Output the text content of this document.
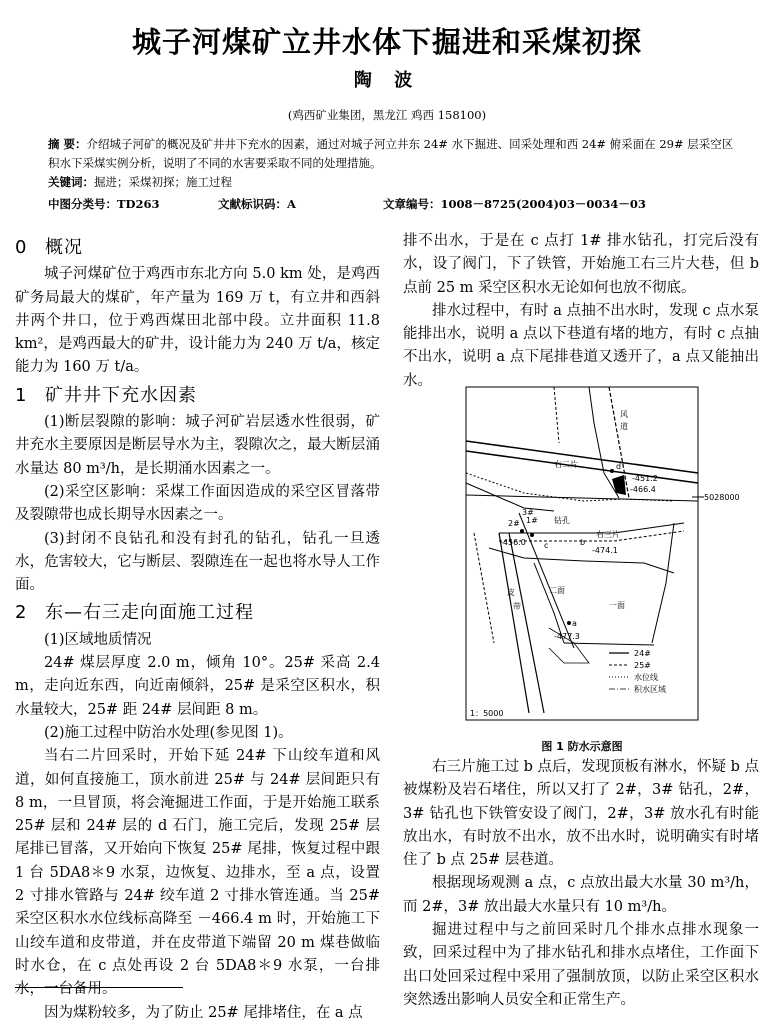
城子河煤矿立井水体下掘进和采煤初探
陶 波
(鸡西矿业集团，黑龙江 鸡西 158100)

摘 要：介绍城子河矿的概况及矿井井下充水的因素，通过对城子河立井东 24# 水下掘进、回采处理和西 24# 俯采面在 29# 层采空区积水下采煤实例分析，说明了不同的水害要采取不同的处理措施。

关键词：掘进；采煤初探；施工过程

中图分类号：TD263	文献标识码：A	文章编号：1008－8725(2004)03－0034－03
0 概况

城子河煤矿位于鸡西市东北方向 5.0 km 处，是鸡西矿务局最大的煤矿，年产量为 169 万 t，有立井和西斜井两个井口，位于鸡西煤田北部中段。立井面积 11.8 km²，是鸡西最大的矿井，设计能力为 240 万 t/a，核定能力为 160 万 t/a。

1 矿井井下充水因素

(1)断层裂隙的影响：城子河矿岩层透水性很弱，矿井充水主要原因是断层导水为主，裂隙次之，最大断层涌水量达 80 m³/h，是长期涌水因素之一。

(2)采空区影响：采煤工作面因造成的采空区冒落带及裂隙带也成长期导水因素之一。

(3)封闭不良钻孔和没有封孔的钻孔，钻孔一旦透水，危害较大，它与断层、裂隙连在一起也将水导人工作面。

2 东—右三走向面施工过程

(1)区域地质情况

24# 煤层厚度 2.0 m，倾角 10°。25# 采高 2.4 m，走向近东西，向近南倾斜，25# 是采空区积水，积水量较大，25# 距 24# 层间距 8 m。

(2)施工过程中防治水处理(参见图 1)。

当右二片回采时，开始下延 24# 下山绞车道和风道，如何直接施工，顶水前进 25# 与 24# 层间距只有 8 m，一旦冒顶，将会淹掘进工作面，于是开始施工联系 25# 层和 24# 层的 d 石门，施工完后，发现 25# 层尾排已冒落，又开始向下恢复 25# 尾排，恢复过程中跟 1 台 5DA8＊9 水泵，边恢复、边排水，至 a 点，设置 2 寸排水管路与 24# 绞车道 2 寸排水管连通。当 25# 采空区积水水位线标高降至 －466.4 m 时，开始施工下山绞车道和皮带道，并在皮带道下端留 20 m 煤巷做临时水仓，在 c 点处再设 2 台 5DA8＊9 水泵，一台排水，一台备用。

因为煤粉较多，为了防止 25# 尾排堵住，在 a 点

排不出水，于是在 c 点打 1# 排水钻孔，打完后没有水，设了阀门，下了铁管，开始施工右三片大巷，但 b 点前 25 m 采空区积水无论如何也放不彻底。

排水过程中，有时 a 点抽不出水时，发现 c 点水泵能排出水，说明 a 点以下巷道有堵的地方，有时 c 点抽不出水，说明 a 点下尾排巷道又透开了，a 点又能抽出水。

5028000
右二片
右三片
一面
二面
风
道
皮
带
d
c	b
a
-451.2
-466.4
-474.1
-456.0
-477.3
1#
2#
3#
钻孔
24#
25#
水位线
积水区域
1：5000
图 1 防水示意图

右三片施工过 b 点后，发现顶板有淋水，怀疑 b 点被煤粉及岩石堵住，所以又打了 2#，3# 钻孔，2#，3# 钻孔也下铁管安设了阀门，2#，3# 放水孔有时能放出水，有时放不出水，放不出水时，说明确实有时堵住了 b 点 25# 层巷道。

根据现场观测 a 点，c 点放出最大水量 30 m³/h，而 2#，3# 放出最大水量只有 10 m³/h。

掘进过程中与之前回采时几个排水点排水现象一致，回采过程中为了排水钻孔和排水点堵住，工作面下出口处回采过程中采用了强制放顶，以防止采空区积水突然透出影响人员安全和正常生产。
